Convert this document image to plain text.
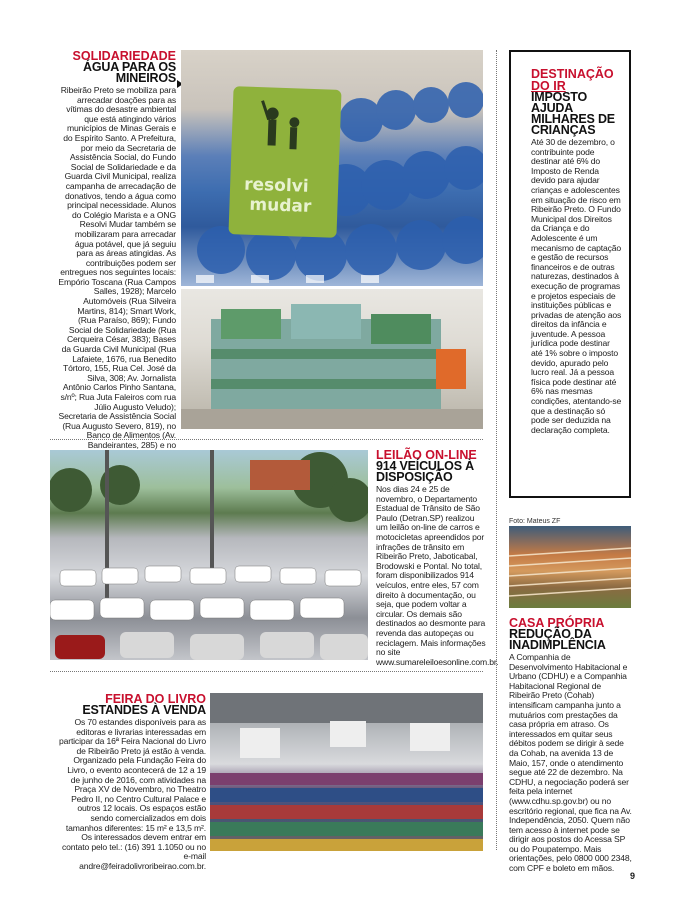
SOLIDARIEDADE
ÁGUA PARA OS
MINEIROS
Ribeirão Preto se mobiliza para arrecadar doações para as vítimas do desastre ambiental que está atingindo vários municípios de Minas Gerais e do Espírito Santo. A Prefeitura, por meio da Secretaria de Assistência Social, do Fundo Social de Solidariedade e da Guarda Civil Municipal, realiza campanha de arrecadação de donativos, tendo a água como principal necessidade. Alunos do Colégio Marista e a ONG Resolvi Mudar também se mobilizaram para arrecadar água potável, que já seguiu para as áreas atingidas. As contribuições podem ser entregues nos seguintes locais: Empório Toscana (Rua Campos Salles, 1928); Marcelo Automóveis (Rua Silveira Martins, 814); Smart Work, (Rua Paraíso, 869); Fundo Social de Solidariedade (Rua Cerqueira César, 383); Bases da Guarda Civil Municipal (Rua Lafaiete, 1676, rua Benedito Tórtoro, 155, Rua Cel. José da Silva, 308; Av. Jornalista Antônio Carlos Pinho Santana, s/nº; Rua Juta Faleiros com rua Júlio Augusto Veludo); Secretaria de Assistência Social (Rua Augusto Severo, 819), no Banco de Alimentos (Av. Bandeirantes, 285) e no
resolvi
mudar
DESTINAÇÃO
DO IR
IMPOSTO AJUDA MILHARES DE CRIANÇAS
Até 30 de dezembro, o contribuinte pode destinar até 6% do Imposto de Renda devido para ajudar crianças e adolescentes em situação de risco em Ribeirão Preto. O Fundo Municipal dos Direitos da Criança e do Adolescente é um mecanismo de captação e gestão de recursos financeiros e de outras naturezas, destinados à execução de programas e projetos especiais de instituições públicas e privadas de atenção aos direitos da infância e juventude. A pessoa jurídica pode destinar até 1% sobre o imposto devido, apurado pelo lucro real. Já a pessoa física pode destinar até 6% nas mesmas condições, atentando-se que a destinação só pode ser deduzida na declaração completa.
LEILÃO ON-LINE
914 VEÍCULOS À DISPOSIÇÃO
Nos dias 24 e 25 de novembro, o Departamento Estadual de Trânsito de São Paulo (Detran.SP) realizou um leilão on-line de carros e motocicletas apreendidos por infrações de trânsito em Ribeirão Preto, Jaboticabal, Brodowski e Pontal. No total, foram disponibilizados 914 veículos, entre eles, 57 com direito à documentação, ou seja, que podem voltar a circular. Os demais são destinados ao desmonte para revenda das autopeças ou reciclagem. Mais informações no site www.sumareleiloesonline.com.br.
Foto: Mateus ZF
CASA PRÓPRIA
REDUÇÃO DA INADIMPLÊNCIA
A Companhia de Desenvolvimento Habitacional e Urbano (CDHU) e a Companhia Habitacional Regional de Ribeirão Preto (Cohab) intensificam campanha junto a mutuários com prestações da casa própria em atraso. Os interessados em quitar seus débitos podem se dirigir à sede da Cohab, na avenida 13 de Maio, 157, onde o atendimento segue até 22 de dezembro. Na CDHU, a negociação poderá ser feita pela internet (www.cdhu.sp.gov.br) ou no escritório regional, que fica na Av. Independência, 2050. Quem não tem acesso à internet pode se dirigir aos postos do Acessa SP ou do Poupatempo. Mais orientações, pelo 0800 000 2348, com CPF e boleto em mãos.
FEIRA DO LIVRO
ESTANDES À VENDA
Os 70 estandes disponíveis para as editoras e livrarias interessadas em participar da 16ª Feira Nacional do Livro de Ribeirão Preto já estão à venda. Organizado pela Fundação Feira do Livro, o evento acontecerá de 12 a 19 de junho de 2016, com atividades na Praça XV de Novembro, no Theatro Pedro II, no Centro Cultural Palace e outros 12 locais. Os espaços estão sendo comercializados em dois tamanhos diferentes: 15 m² e 13,5 m². Os interessados devem entrar em contato pelo tel.: (16) 391 1.1050 ou no e-mail andre@feiradolivroribeirao.com.br.
9
